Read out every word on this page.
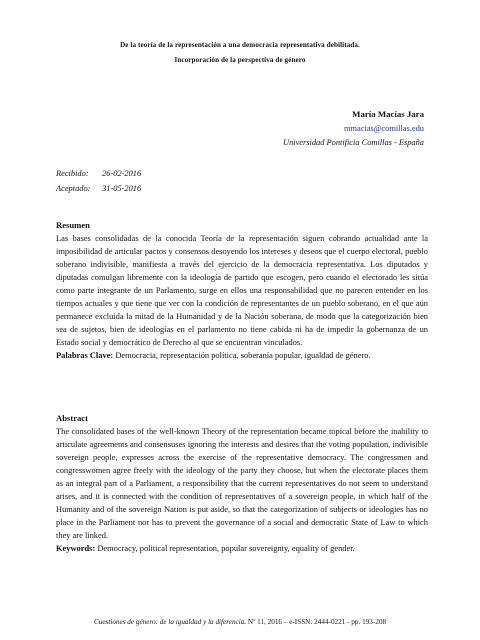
De la teoría de la representación a una democracia representativa debilitada.
Incorporación de la perspectiva de género
María Macías Jara
mmacias@comillas.edu
Universidad Pontificia Comillas - España
Recibido: 26-02-2016
Aceptado: 31-05-2016
Resumen

Las bases consolidadas de la conocida Teoría de la representación siguen cobrando actualidad ante la imposibilidad de articular pactos y consensos desoyendo los intereses y deseos que el cuerpo electoral, pueblo soberano indivisible, manifiesta a través del ejercicio de la democracia representativa. Los diputados y diputadas comulgan libremente con la ideología de partido que escogen, pero cuando el electorado les sitúa como parte integrante de un Parlamento, surge en ellos una responsabilidad que no parecen entender en los tiempos actuales y que tiene que ver con la condición de representantes de un pueblo soberano, en el que aún permanece excluida la mitad de la Humanidad y de la Nación soberana, de modo que la categorización bien sea de sujetos, bien de ideologías en el parlamento no tiene cabida ni ha de impedir la gobernanza de un Estado social y democrático de Derecho al que se encuentran vinculados.

Palabras Clave: Democracia, representación política, soberanía popular, igualdad de género.

Abstract

The consolidated bases of the well-known Theory of the representation became topical before the inability to articulate agreements and consensuses ignoring the interests and desires that the voting population, indivisible sovereign people, expresses across the exercise of the representative democracy. The congressmen and congresswomen agree freely with the ideology of the party they choose, but when the electorate places them as an integral part of a Parliament, a responsibility that the current representatives do not seem to understand arises, and it is connected with the condition of representatives of a sovereign people, in which half of the Humanity and of the sovereign Nation is put aside, so that the categorization of subjects or ideologies has no place in the Parliament nor has to prevent the governance of a social and democratic State of Law to which they are linked.

Keywords: Democracy, political representation, popular sovereignty, equality of gender.

Cuestiones de género: de la igualdad y la diferencia. Nº 11, 2016 – e-ISSN: 2444-0221 - pp. 193-208
